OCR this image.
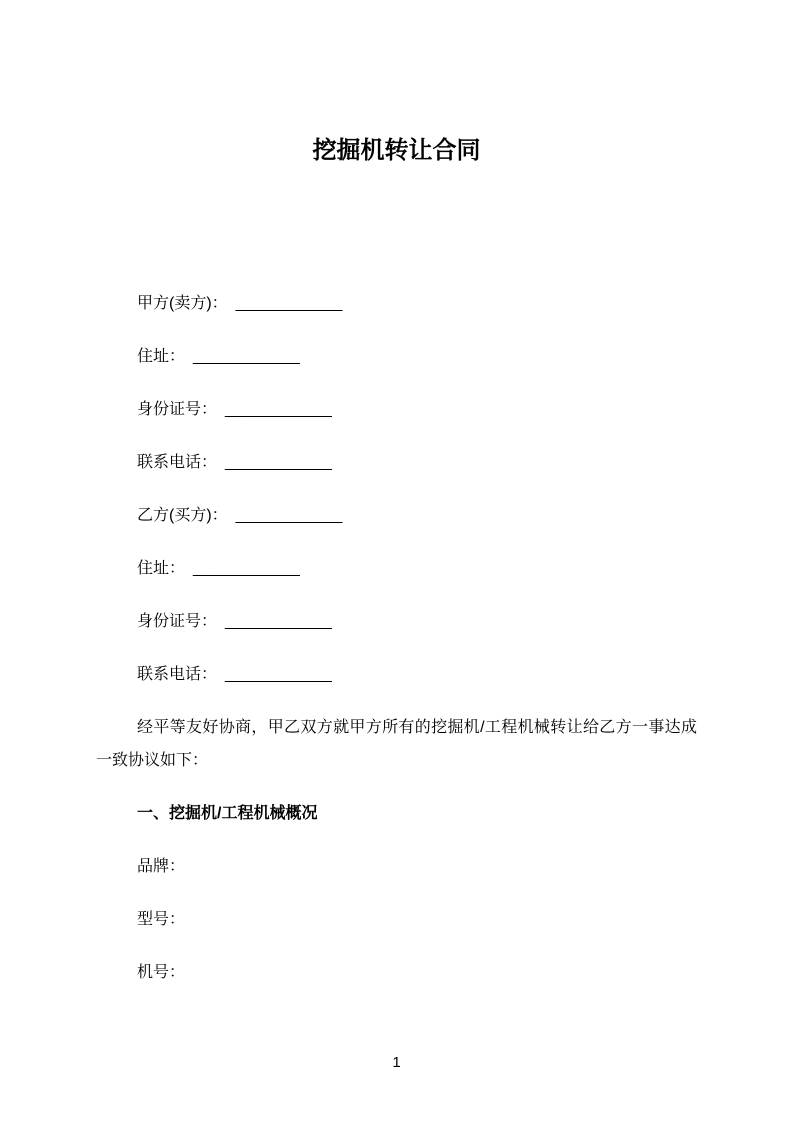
挖掘机转让合同

甲方(卖方)： ____________

住址： ____________

身份证号： ____________

联系电话： ____________

乙方(买方)： ____________

住址： ____________

身份证号： ____________

联系电话： ____________

经平等友好协商，甲乙双方就甲方所有的挖掘机/工程机械转让给乙方一事达成一致协议如下：

一、挖掘机/工程机械概况

品牌：

型号：

机号：

1
